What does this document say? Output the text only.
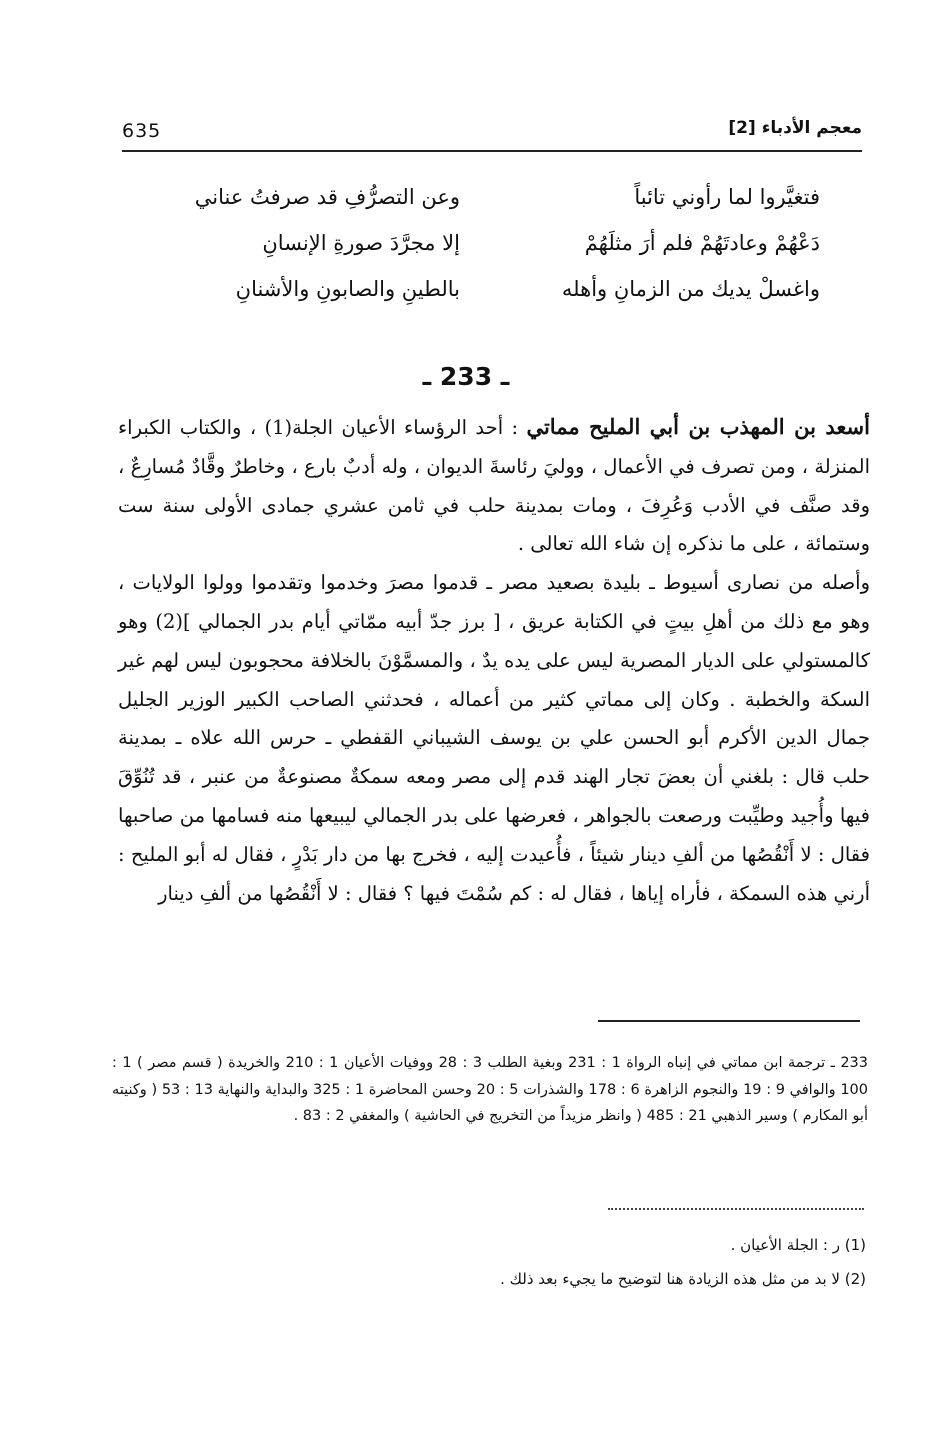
635	معجم الأدباء [2]
فتغيَّروا لما رأوني تائباً
وعن التصرُّفِ قد صرفتُ عناني
دَعْهُمْ وعادتَهُمْ فلم أرَ مثلَهُمْ
إلا مجرَّدَ صورةِ الإنسانِ
واغسلْ يديك من الزمانِ وأهله
بالطينِ والصابونِ والأشنانِ
ـ 233 ـ

أسعد بن المهذب بن أبي المليح مماتي : أحد الرؤساء الأعيان الجلة(1) ، والكتاب الكبراء المنزلة ، ومن تصرف في الأعمال ، ووليَ رئاسةَ الديوان ، وله أدبٌ بارع ، وخاطرٌ وقَّادٌ مُسارِعٌ ، وقد صنَّف في الأدب وَعُرِفَ ، ومات بمدينة حلب في ثامن عشري جمادى الأولى سنة ست وستمائة ، على ما نذكره إن شاء الله تعالى .

وأصله من نصارى أسيوط ـ بليدة بصعيد مصر ـ قدموا مصرَ وخدموا وتقدموا وولوا الولايات ، وهو مع ذلك من أهلِ بيتٍ في الكتابة عريق ، [ برز جدّ أبيه ممّاتي أيام بدر الجمالي ](2) وهو كالمستولي على الديار المصرية ليس على يده يدٌ ، والمسمَّوْنَ بالخلافة محجوبون ليس لهم غير السكة والخطبة . وكان إلى مماتي كثير من أعماله ، فحدثني الصاحب الكبير الوزير الجليل جمال الدين الأكرم أبو الحسن علي بن يوسف الشيباني القفطي ـ حرس الله علاه ـ بمدينة حلب قال : بلغني أن بعضَ تجار الهند قدم إلى مصر ومعه سمكةٌ مصنوعةٌ من عنبر ، قد تُنُوِّقَ فيها وأُجيد وطيِّبت ورصعت بالجواهر ، فعرضها على بدر الجمالي ليبيعها منه فسامها من صاحبها فقال : لا أَنْقُصُها من ألفِ دينار شيئاً ، فأُعيدت إليه ، فخرج بها من دار بَدْرٍ ، فقال له أبو المليح : أرني هذه السمكة ، فأراه إياها ، فقال له : كم سُمْتَ فيها ؟ فقال : لا أَنْقُصُها من ألفِ دينار

233 ـ ترجمة ابن مماتي في إنباه الرواة 1 : 231 وبغية الطلب 3 : 28 ووفيات الأعيان 1 : 210 والخريدة ( قسم مصر ) 1 : 100 والوافي 9 : 19 والنجوم الزاهرة 6 : 178 والشذرات 5 : 20 وحسن المحاضرة 1 : 325 والبداية والنهاية 13 : 53 ( وكنيته أبو المكارم ) وسير الذهبي 21 : 485 ( وانظر مزيداً من التخريج في الحاشية ) والمغفي 2 : 83 .

(1) ر : الجلة الأعيان .
(2) لا بد من مثل هذه الزيادة هنا لتوضيح ما يجيء بعد ذلك .
